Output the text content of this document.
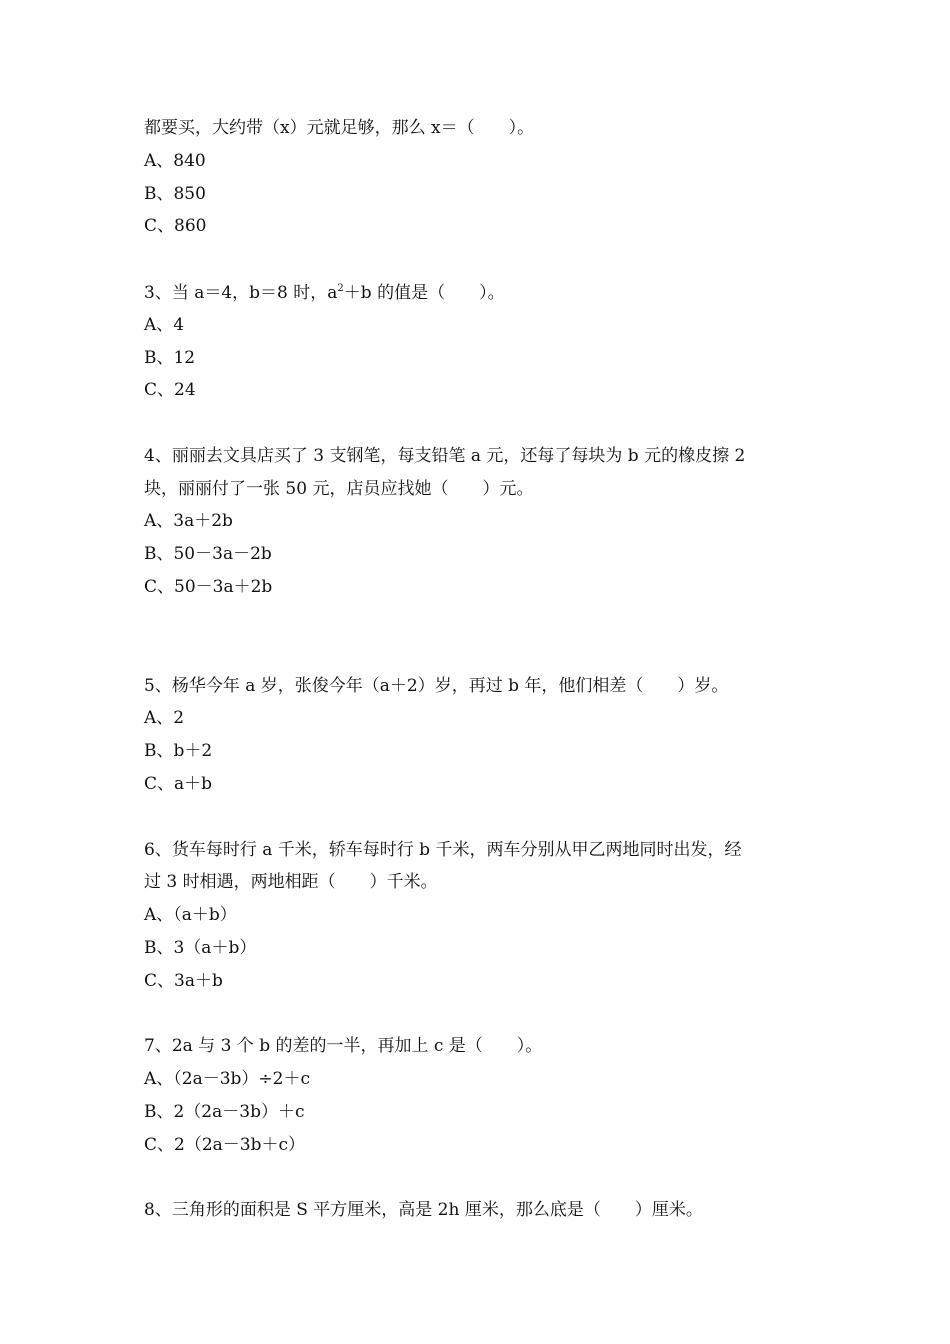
都要买，大约带（x）元就足够，那么 x＝（　　）。
A、840
B、850
C、860
3、当 a＝4，b＝8 时，$a^2+b$ 的值是（　　）。
A、4
B、12
C、24
4、丽丽去文具店买了 3 支钢笔，每支铅笔 a 元，还每了每块为 b 元的橡皮擦 2
块，丽丽付了一张 50 元，店员应找她（　　）元。
A、3a＋2b
B、50－3a－2b
C、50－3a＋2b
5、杨华今年 a 岁，张俊今年（a＋2）岁，再过 b 年，他们相差（　　）岁。
A、2
B、b＋2
C、a＋b
6、货车每时行 a 千米，轿车每时行 b 千米，两车分别从甲乙两地同时出发，经
过 3 时相遇，两地相距（　　）千米。
A、（a＋b）
B、3（a＋b）
C、3a＋b
7、2a 与 3 个 b 的差的一半，再加上 c 是（　　）。
A、（2a－3b）÷2＋c
B、2（2a－3b）＋c
C、2（2a－3b＋c）
8、三角形的面积是 S 平方厘米，高是 2h 厘米，那么底是（　　）厘米。
